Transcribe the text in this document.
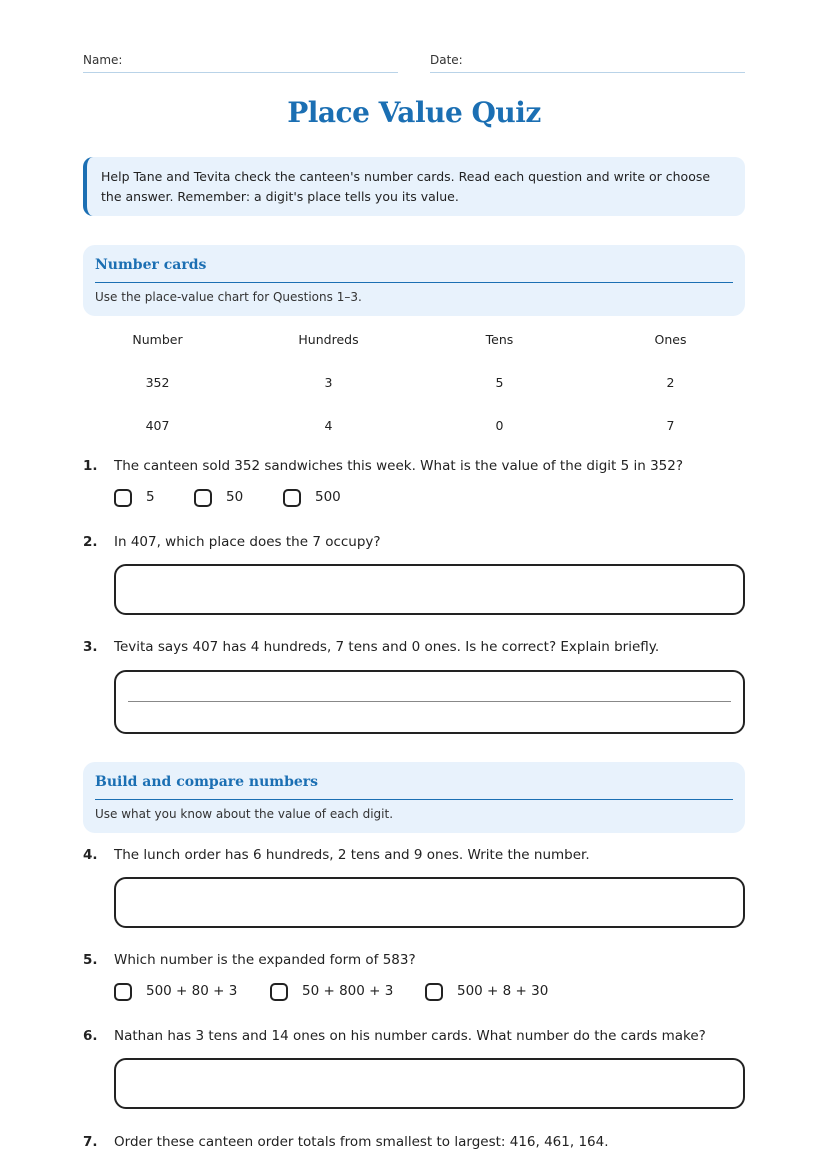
Name:	Date:
Place Value Quiz
Help Tane and Tevita check the canteen's number cards. Read each question and write or choose the answer. Remember: a digit's place tells you its value.
Number cards
Use the place-value chart for Questions 1–3.
Number	Hundreds	Tens	Ones
352	3	5	2
407	4	0	7
1.	The canteen sold 352 sandwiches this week. What is the value of the digit 5 in 352?
5	50	500
2.	In 407, which place does the 7 occupy?
3.	Tevita says 407 has 4 hundreds, 7 tens and 0 ones. Is he correct? Explain briefly.
Build and compare numbers
Use what you know about the value of each digit.
4.	The lunch order has 6 hundreds, 2 tens and 9 ones. Write the number.
5.	Which number is the expanded form of 583?
500 + 80 + 3	50 + 800 + 3	500 + 8 + 30
6.	Nathan has 3 tens and 14 ones on his number cards. What number do the cards make?
7.	Order these canteen order totals from smallest to largest: 416, 461, 164.
